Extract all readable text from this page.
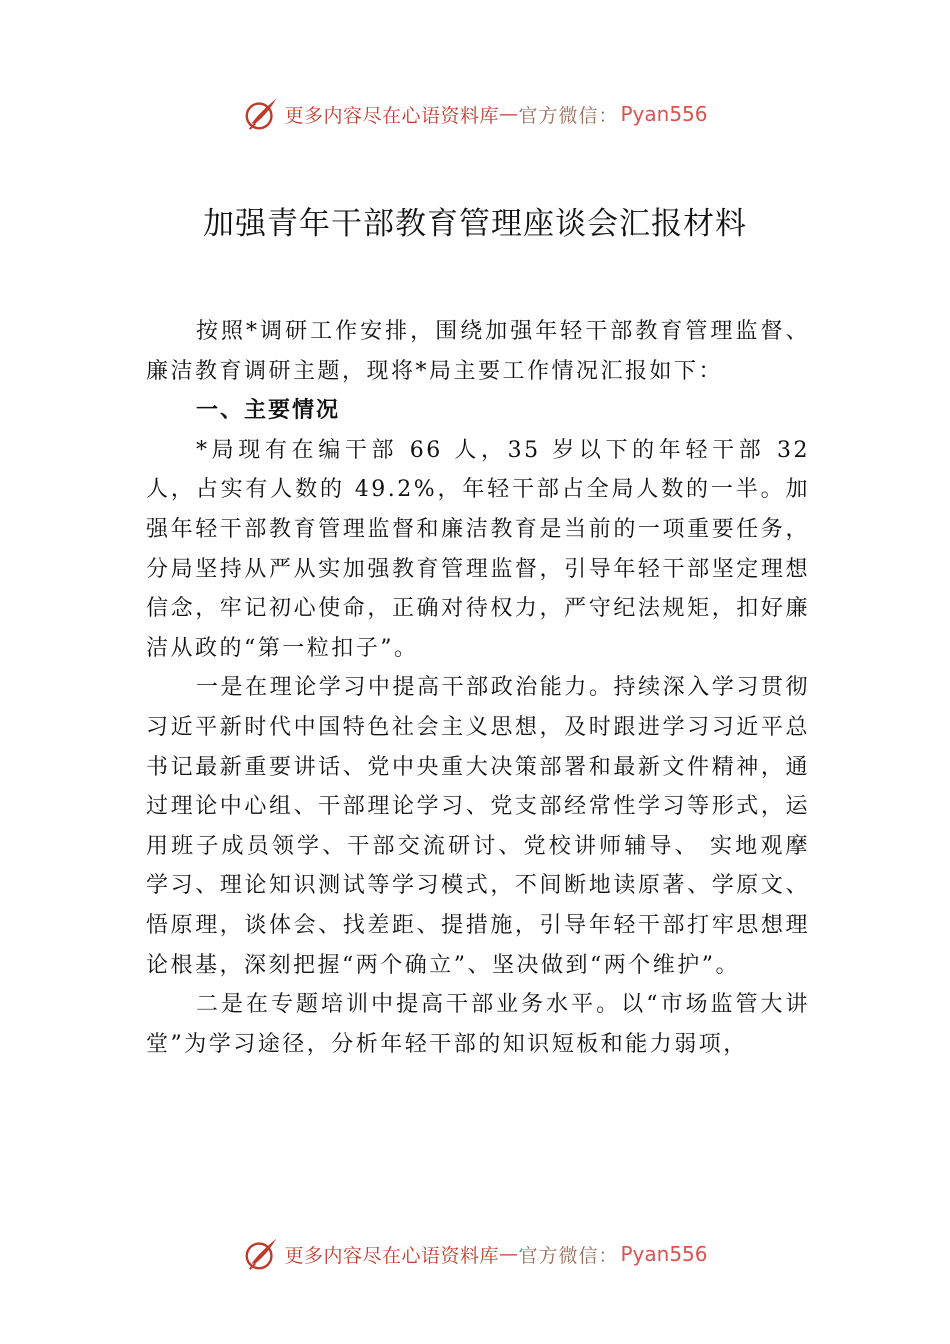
更多内容尽在心语资料库 — 官方微信： Pyan556
加强青年干部教育管理座谈会汇报材料

按照*调研工作安排，围绕加强年轻干部教育管理监督、廉洁教育调研主题，现将*局主要工作情况汇报如下：

一、主要情况

*局现有在编干部 66 人，35 岁以下的年轻干部 32 人，占实有人数的 49.2%，年轻干部占全局人数的一半。加强年轻干部教育管理监督和廉洁教育是当前的一项重要任务，分局坚持从严从实加强教育管理监督，引导年轻干部坚定理想信念，牢记初心使命，正确对待权力，严守纪法规矩，扣好廉洁从政的“第一粒扣子”。

一是在理论学习中提高干部政治能力。持续深入学习贯彻习近平新时代中国特色社会主义思想，及时跟进学习习近平总书记最新重要讲话、党中央重大决策部署和最新文件精神，通过理论中心组、干部理论学习、党支部经常性学习等形式，运用班子成员领学、干部交流研讨、党校讲师辅导、 实地观摩学习、理论知识测试等学习模式，不间断地读原著、学原文、悟原理，谈体会、找差距、提措施，引导年轻干部打牢思想理论根基，深刻把握“两个确立”、坚决做到“两个维护”。

二是在专题培训中提高干部业务水平。以“市场监管大讲堂”为学习途径，分析年轻干部的知识短板和能力弱项，

更多内容尽在心语资料库 — 官方微信： Pyan556
